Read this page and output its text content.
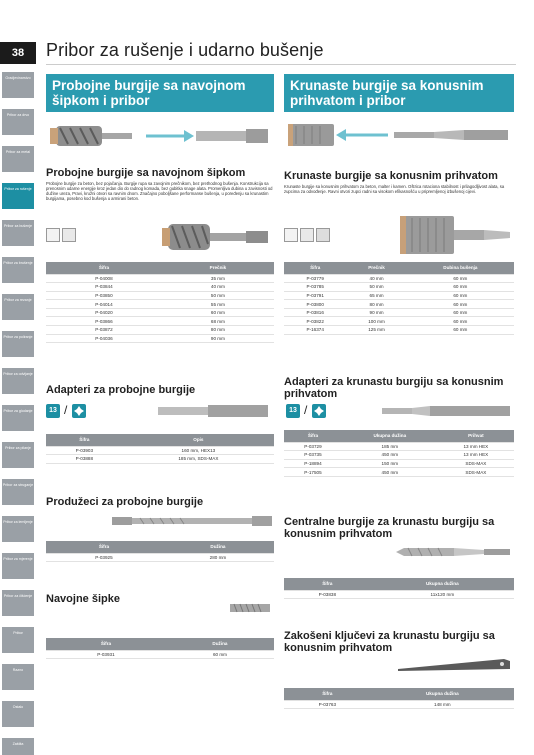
38
Gradjevinarstvo
Pribor za drvo
Pribor za metal
Pribor za rušenje
Pribor za bušenje
Pribor za brušenje
Pribor za rezanje
Pribor za poliranje
Pribor za odvijanje
Pribor za glodanje
Pribor za pilanje
Pribor za struganje
Pribor za lemljenje
Pribor za mjerenje
Pribor za čišćenje
Pribor
Razno
Ostalo
Zaštita
Pribor za rušenje i udarno bušenje
Probojne burgije sa navojnom šipkom i pribor
Krunaste burgije sa konusnim prihvatom i pribor
Probojne burgije sa navojnom šipkom
Probojne burgije za beton, bez pojačanja. Burgije rupa sa zavojnim prečnikom, bez prethodnog bušenja. Konstrukcija sa prenosnim udarne energije kroz jedan dio do radnog komada, bez gubitka snage alata. Promenljiva dubina u zavisnosti od dužine ureza, Pravi, kružni otvori sa ravnim dnom. Značajno poboljšane performanse bušenja, u poređenju sa krunastim burgijama, posebno kod bušenja u armirani beton.
Šifra	Prečnik
P-04008	35 mm
P-03844	40 mm
P-03850	50 mm
P-04014	55 mm
P-04020	60 mm
P-03866	68 mm
P-03872	80 mm
P-04036	90 mm
Adapteri za probojne burgije
13 /
Šifra	Opis
P-03903	160 mm, HEX13
P-03888	185 mm, SDS-MAX
Produžeci za probojne burgije
Šifra	Dužina
P-03925	280 mm
Navojne šipke
Šifra	Dužina
P-03931	60 mm
Krunaste burgije sa konusnim prihvatom
Krunaste burgije sa konusnim prihvatom za beton, malter i kamen. Oštrica rotaciona stabilnost i prilagodljivost alata, sa zupcima za odvođenje. Ravni otvori zupci radni sa visokom efikasnošću u pripremljenoj izbušenoj cijevi.
Šifra	Prečnik	Dubina bušenja
P-03779	40 mm	60 mm
P-03785	50 mm	60 mm
P-03791	65 mm	60 mm
P-03800	80 mm	60 mm
P-03816	90 mm	60 mm
P-03822	100 mm	60 mm
P-16374	125 mm	60 mm
Adapteri za krunastu burgiju sa konusnim prihvatom
13 /
Šifra	Ukupna dužina	Prihvat
P-03729	185 mm	13 mm HEX
P-03735	450 mm	13 mm HEX
P-18894	150 mm	SDS-MAX
P-17505	450 mm	SDS-MAX
Centralne burgije za krunastu burgiju sa konusnim prihvatom
Šifra	Ukupna dužina
P-03838	11x120 mm
Zakošeni ključevi za krunastu burgiju sa konusnim prihvatom
Šifra	Ukupna dužina
P-03763	148 mm
